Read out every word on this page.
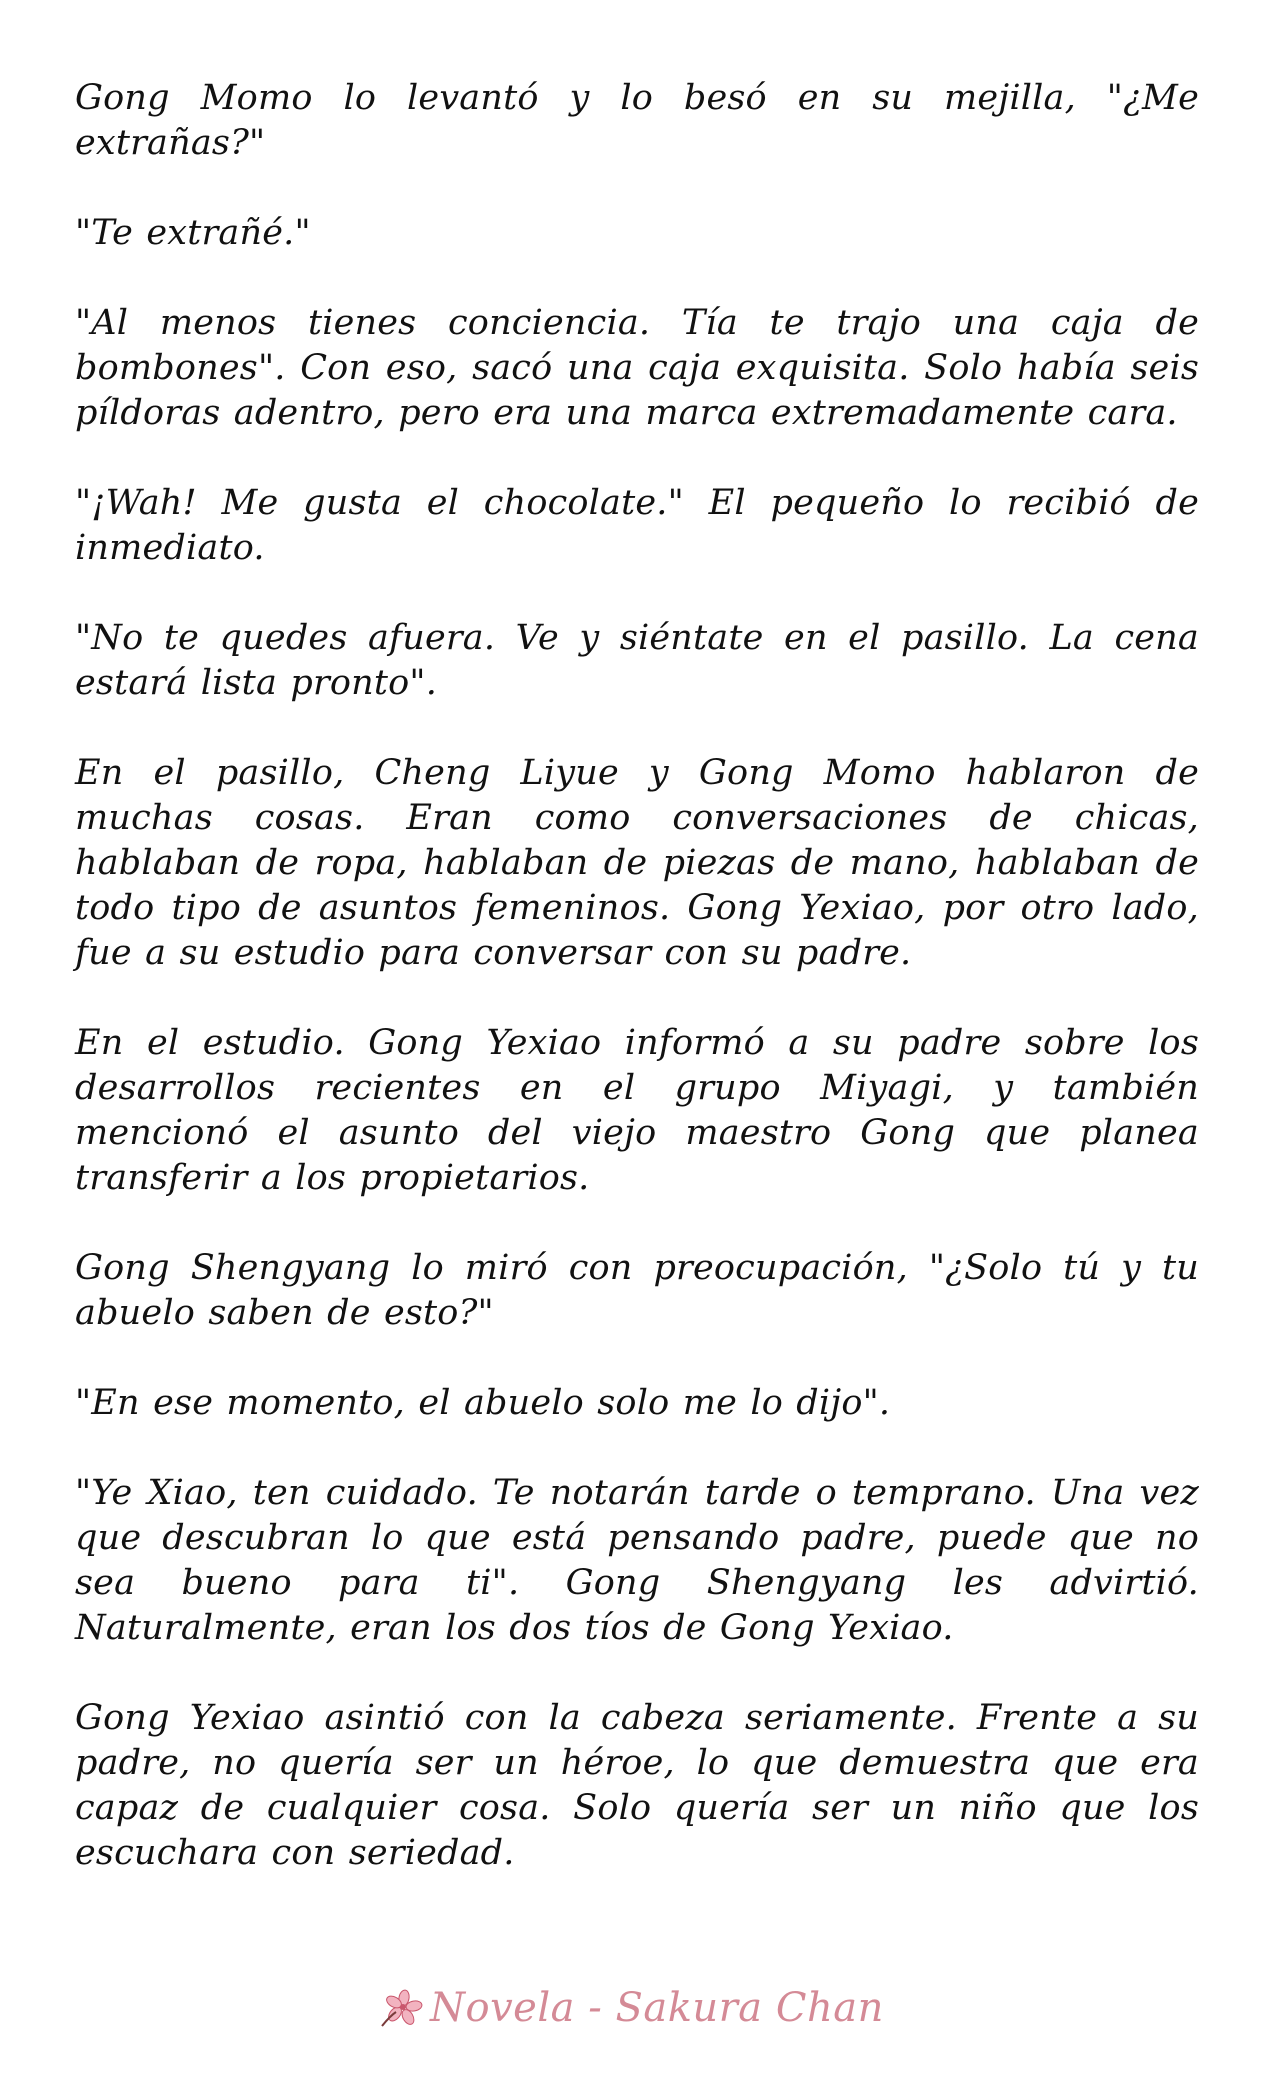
Gong Momo lo levantó y lo besó en su mejilla, "¿Me extrañas?"

"Te extrañé."

"Al menos tienes conciencia. Tía te trajo una caja de bombones". Con eso, sacó una caja exquisita. Solo había seis píldoras adentro, pero era una marca extremadamente cara.

"¡Wah! Me gusta el chocolate." El pequeño lo recibió de inmediato.

"No te quedes afuera. Ve y siéntate en el pasillo. La cena estará lista pronto".

En el pasillo, Cheng Liyue y Gong Momo hablaron de muchas cosas. Eran como conversaciones de chicas, hablaban de ropa, hablaban de piezas de mano, hablaban de todo tipo de asuntos femeninos. Gong Yexiao, por otro lado, fue a su estudio para conversar con su padre.

En el estudio. Gong Yexiao informó a su padre sobre los desarrollos recientes en el grupo Miyagi, y también mencionó el asunto del viejo maestro Gong que planea transferir a los propietarios.

Gong Shengyang lo miró con preocupación, "¿Solo tú y tu abuelo saben de esto?"

"En ese momento, el abuelo solo me lo dijo".

"Ye Xiao, ten cuidado. Te notarán tarde o temprano. Una vez que descubran lo que está pensando padre, puede que no sea bueno para ti". Gong Shengyang les advirtió. Naturalmente, eran los dos tíos de Gong Yexiao.

Gong Yexiao asintió con la cabeza seriamente. Frente a su padre, no quería ser un héroe, lo que demuestra que era capaz de cualquier cosa. Solo quería ser un niño que los escuchara con seriedad.

Novela - Sakura Chan
